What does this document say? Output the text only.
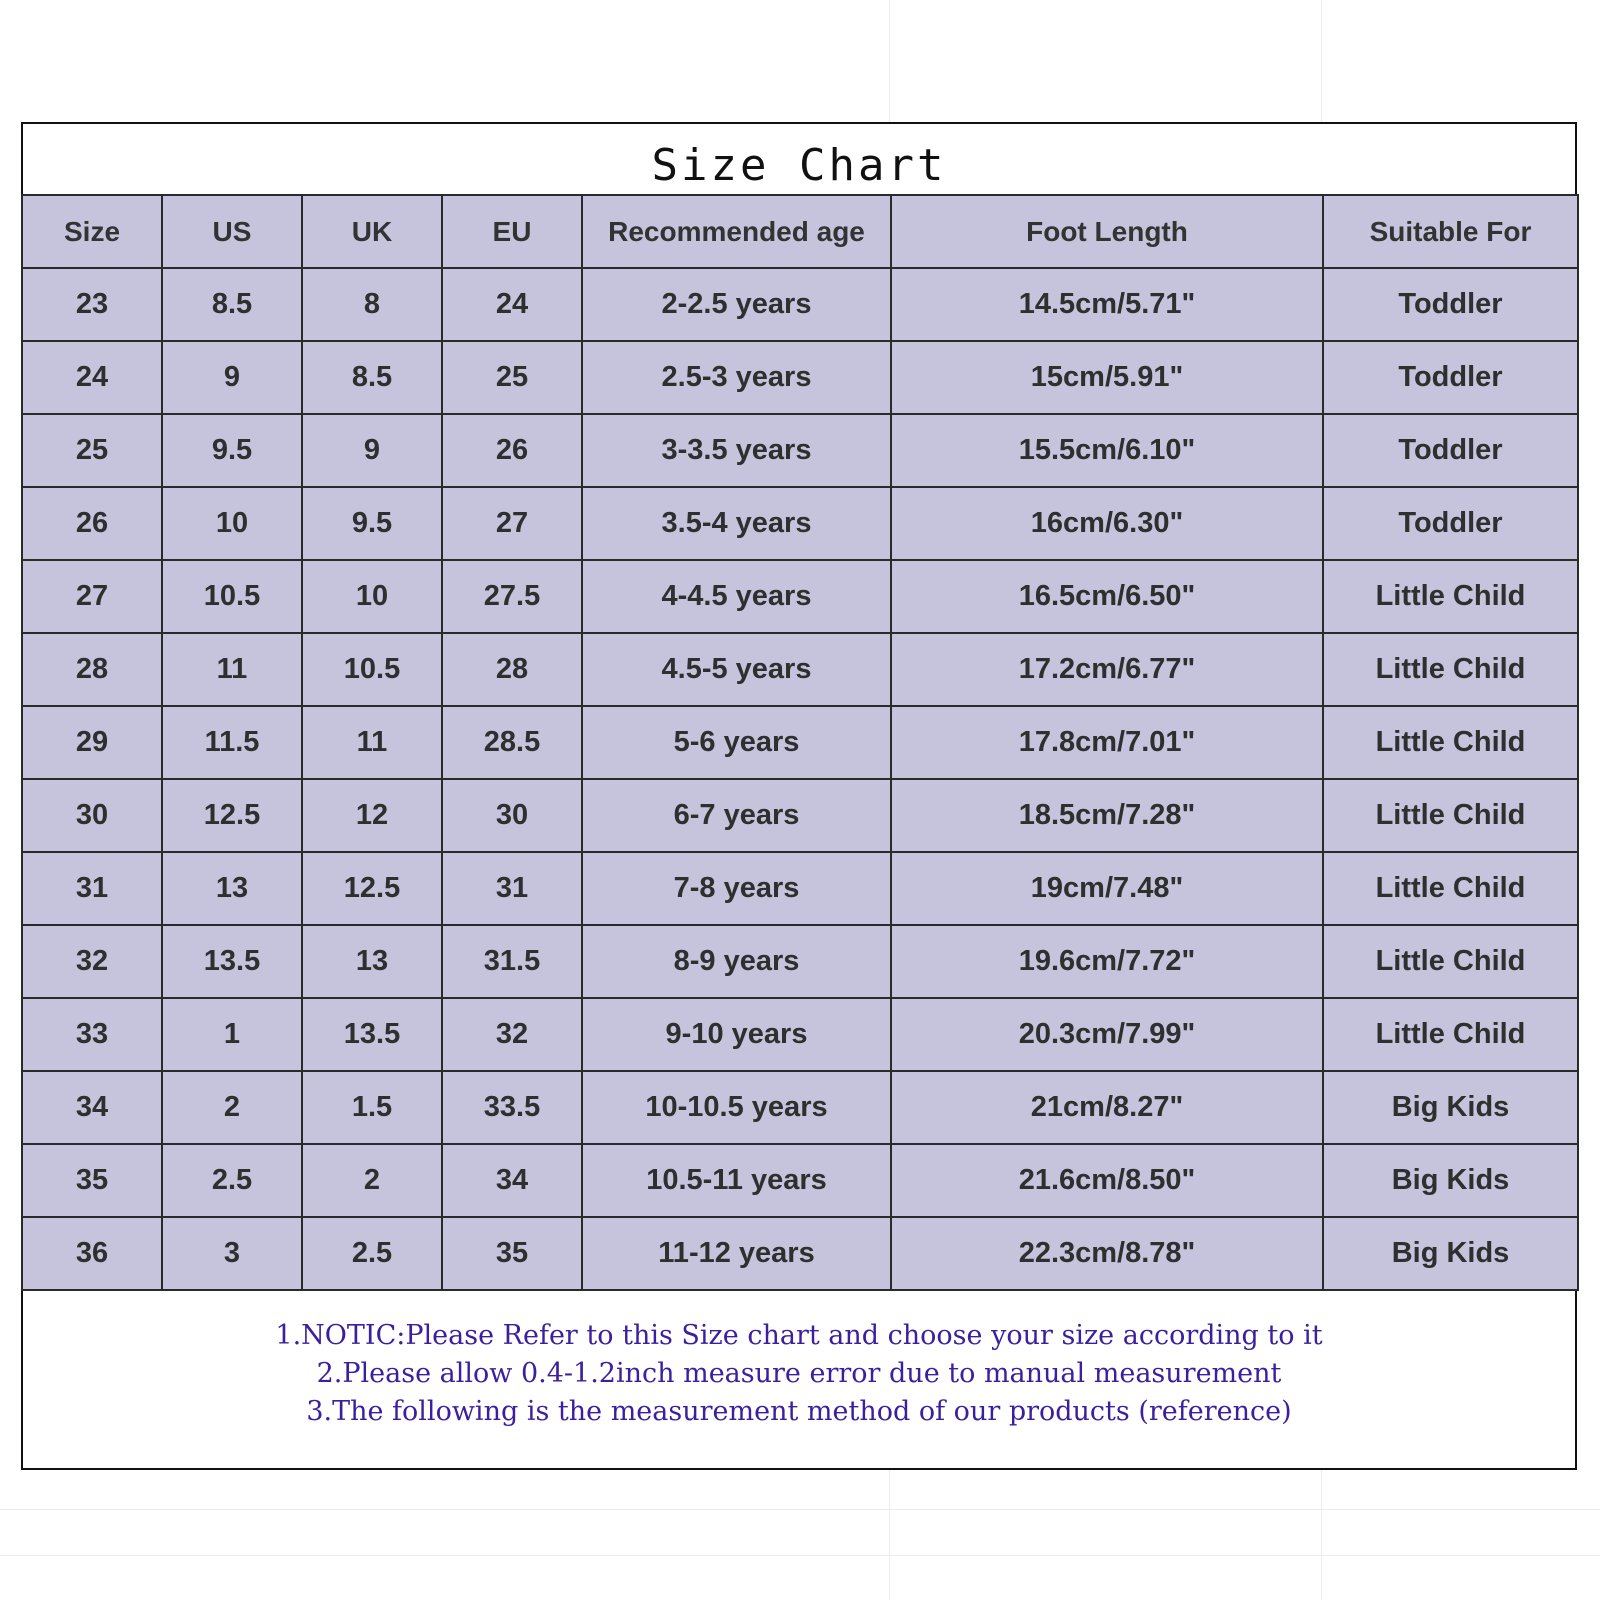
Size Chart
Size	US	UK	EU	Recommended age	Foot Length	Suitable For
23	8.5	8	24	2-2.5 years	14.5cm/5.71"	Toddler
24	9	8.5	25	2.5-3 years	15cm/5.91"	Toddler
25	9.5	9	26	3-3.5 years	15.5cm/6.10"	Toddler
26	10	9.5	27	3.5-4 years	16cm/6.30"	Toddler
27	10.5	10	27.5	4-4.5 years	16.5cm/6.50"	Little Child
28	11	10.5	28	4.5-5 years	17.2cm/6.77"	Little Child
29	11.5	11	28.5	5-6 years	17.8cm/7.01"	Little Child
30	12.5	12	30	6-7 years	18.5cm/7.28"	Little Child
31	13	12.5	31	7-8 years	19cm/7.48"	Little Child
32	13.5	13	31.5	8-9 years	19.6cm/7.72"	Little Child
33	1	13.5	32	9-10 years	20.3cm/7.99"	Little Child
34	2	1.5	33.5	10-10.5 years	21cm/8.27"	Big Kids
35	2.5	2	34	10.5-11 years	21.6cm/8.50"	Big Kids
36	3	2.5	35	11-12 years	22.3cm/8.78"	Big Kids
1.NOTIC:Please Refer to this Size chart and choose your size according to it
2.Please allow 0.4-1.2inch measure error due to manual measurement
3.The following is the measurement method of our products (reference)
